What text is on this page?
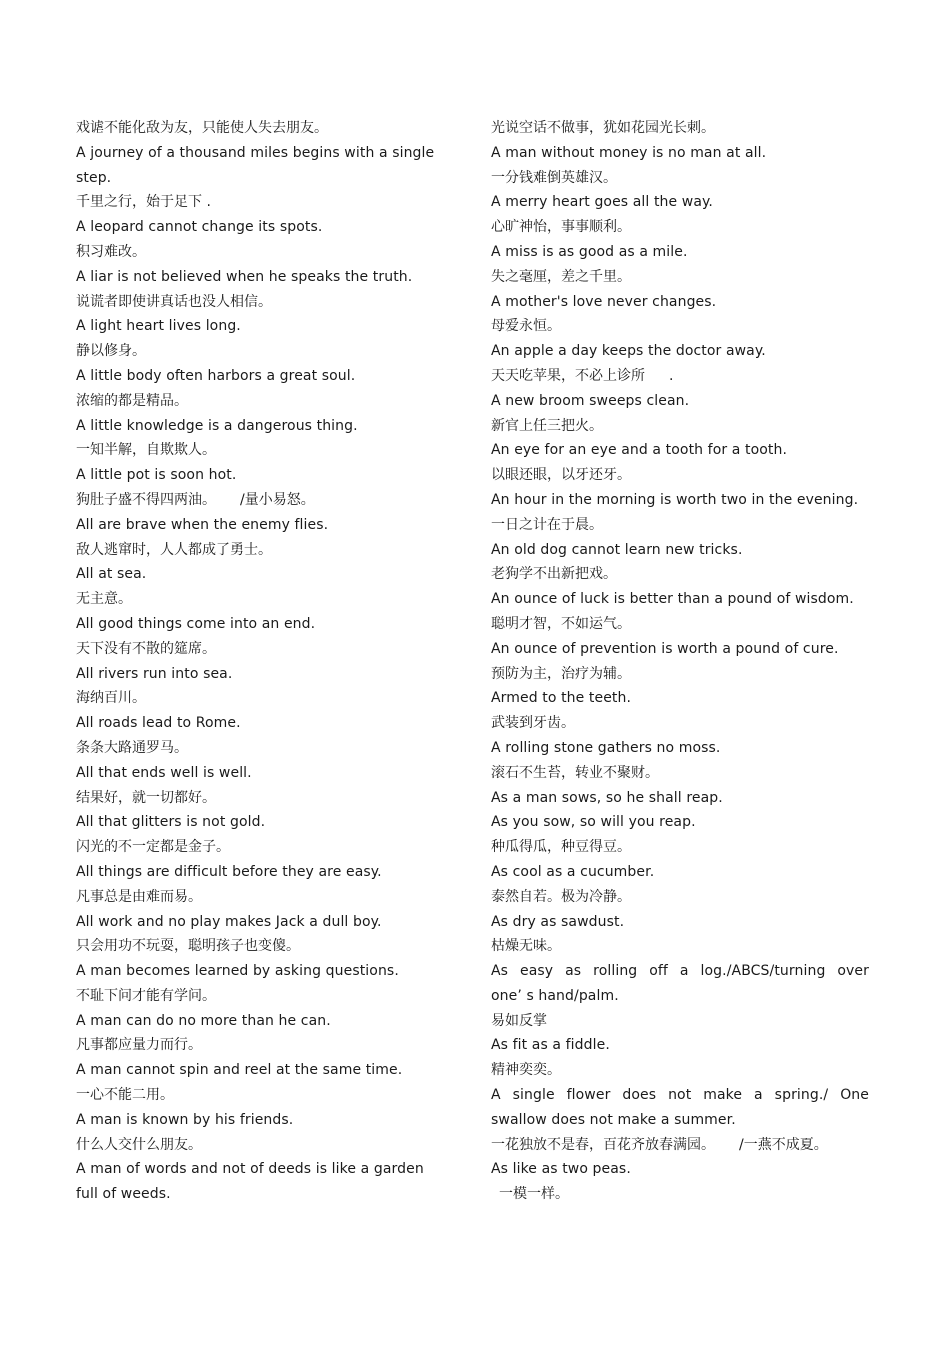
戏谑不能化敌为友，只能使人失去朋友。
A journey of a thousand miles begins with a single
step.
千里之行，始于足下 .
A leopard cannot change its spots.
积习难改。
A liar is not believed when he speaks the truth.
说谎者即使讲真话也没人相信。
A light heart lives long.
静以修身。
A little body often harbors a great soul.
浓缩的都是精品。
A little knowledge is a dangerous thing.
一知半解，自欺欺人。
A little pot is soon hot.
狗肚子盛不得四两油。 /量小易怒。
All are brave when the enemy flies.
敌人逃窜时，人人都成了勇士。
All at sea.
无主意。
All good things come into an end.
天下没有不散的筵席。
All rivers run into sea.
海纳百川。
All roads lead to Rome.
条条大路通罗马。
All that ends well is well.
结果好，就一切都好。
All that glitters is not gold.
闪光的不一定都是金子。
All things are difficult before they are easy.
凡事总是由难而易。
All work and no play makes Jack a dull boy.
只会用功不玩耍，聪明孩子也变傻。
A man becomes learned by asking questions.
不耻下问才能有学问。
A man can do no more than he can.
凡事都应量力而行。
A man cannot spin and reel at the same time.
一心不能二用。
A man is known by his friends.
什么人交什么朋友。
A man of words and not of deeds is like a garden
full of weeds.
光说空话不做事，犹如花园光长刺。
A man without money is no man at all.
一分钱难倒英雄汉。
A merry heart goes all the way.
心旷神怡，事事顺利。
A miss is as good as a mile.
失之毫厘，差之千里。
A mother's love never changes.
母爱永恒。
An apple a day keeps the doctor away.
天天吃苹果，不必上诊所 .
A new broom sweeps clean.
新官上任三把火。
An eye for an eye and a tooth for a tooth.
以眼还眼，以牙还牙。
An hour in the morning is worth two in the evening.
一日之计在于晨。
An old dog cannot learn new tricks.
老狗学不出新把戏。
An ounce of luck is better than a pound of wisdom.
聪明才智，不如运气。
An ounce of prevention is worth a pound of cure.
预防为主，治疗为辅。
Armed to the teeth.
武装到牙齿。
A rolling stone gathers no moss.
滚石不生苔，转业不聚财。
As a man sows, so he shall reap.
As you sow, so will you reap.
种瓜得瓜，种豆得豆。
As cool as a cucumber.
泰然自若。极为冷静。
As dry as sawdust.
枯燥无味。
As easy as rolling off a log./ABCS/turning over
one’ s hand/palm.
易如反掌
As fit as a fiddle.
精神奕奕。
A single flower does not make a spring./ One
swallow does not make a summer.
一花独放不是春，百花齐放春满园。 /一燕不成夏。
As like as two peas.
一模一样。
